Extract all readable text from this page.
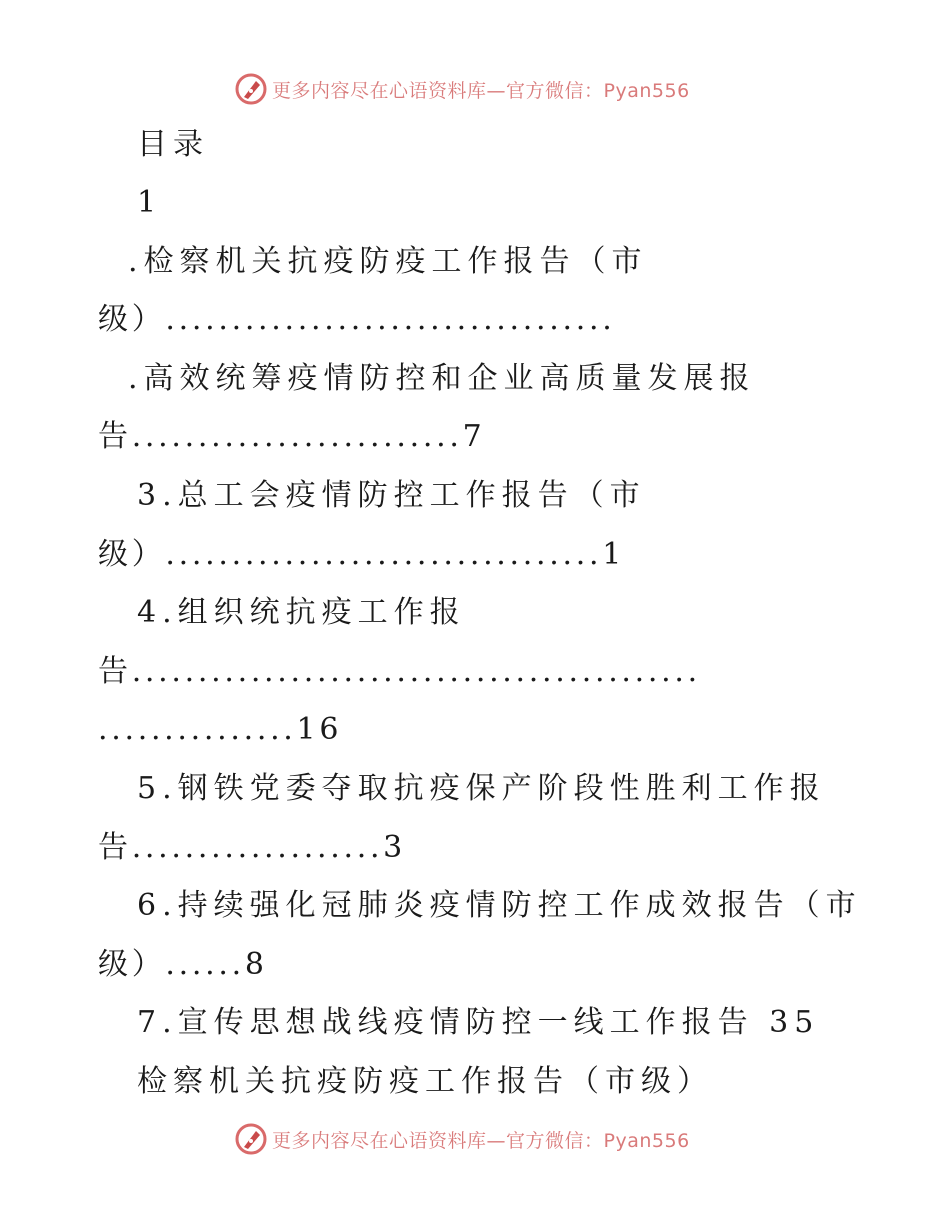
更多内容尽在心语资料库—官方微信：Pyan556
目录
1
.检察机关抗疫防疫工作报告（市
级）..................................
.高效统筹疫情防控和企业高质量发展报
告.........................7
3.总工会疫情防控工作报告（市
级）.................................1
4.组织统抗疫工作报
告...........................................
...............16
5.钢铁党委夺取抗疫保产阶段性胜利工作报
告...................3
6.持续强化冠肺炎疫情防控工作成效报告（市
级）......8
7.宣传思想战线疫情防控一线工作报告 35
检察机关抗疫防疫工作报告（市级）
更多内容尽在心语资料库—官方微信：Pyan556
